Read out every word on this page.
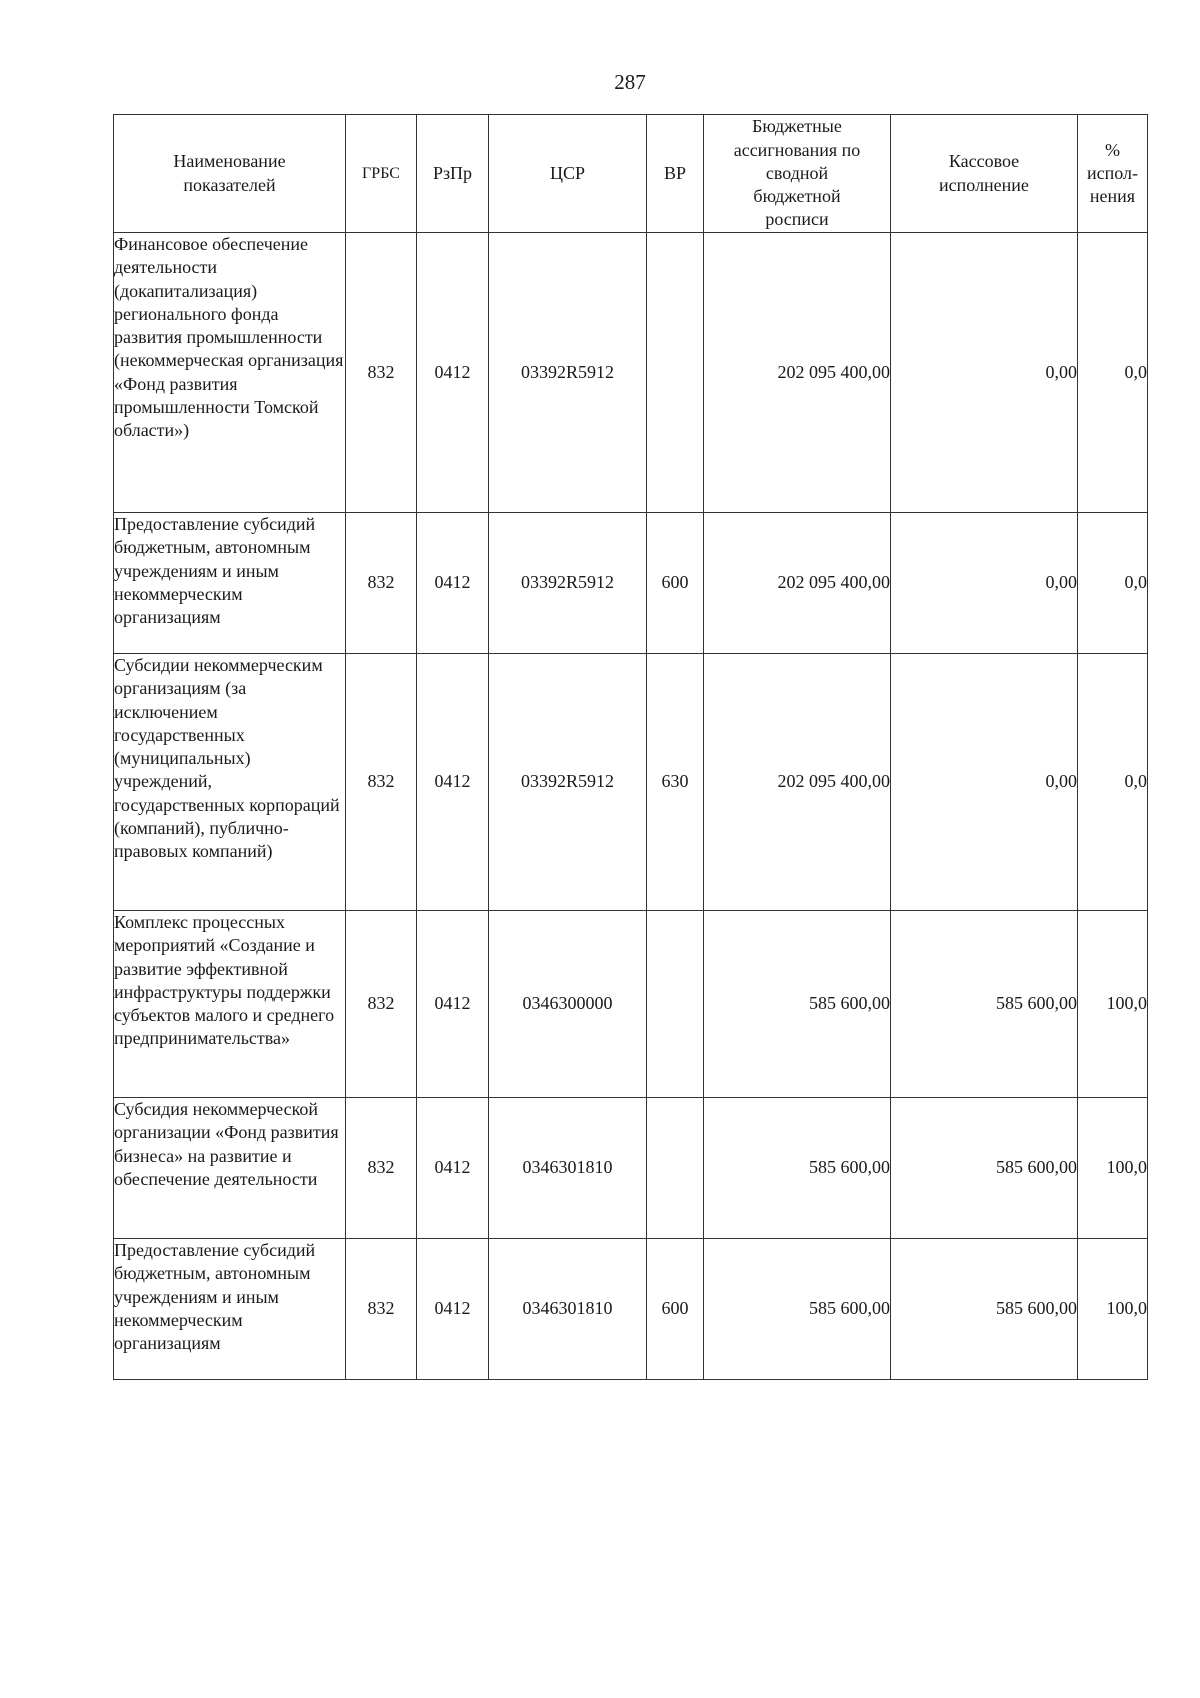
287
Наименование показателей	ГРБС	РзПр	ЦСР	ВР	Бюджетные ассигнования по сводной бюджетной росписи	Кассовое исполнение	% испол-нения
Финансовое обеспечение деятельности (докапитализация) регионального фонда развития промышленности (некоммерческая организация «Фонд развития промышленности Томской области»)	832	0412	03392R5912		202 095 400,00	0,00	0,0
Предоставление субсидий бюджетным, автономным учреждениям и иным некоммерческим организациям	832	0412	03392R5912	600	202 095 400,00	0,00	0,0
Субсидии некоммерческим организациям (за исключением государственных (муниципальных) учреждений, государственных корпораций (компаний), публично-правовых компаний)	832	0412	03392R5912	630	202 095 400,00	0,00	0,0
Комплекс процессных мероприятий «Создание и развитие эффективной инфраструктуры поддержки субъектов малого и среднего предпринимательства»	832	0412	0346300000		585 600,00	585 600,00	100,0
Субсидия некоммерческой организации «Фонд развития бизнеса» на развитие и обеспечение деятельности	832	0412	0346301810		585 600,00	585 600,00	100,0
Предоставление субсидий бюджетным, автономным учреждениям и иным некоммерческим организациям	832	0412	0346301810	600	585 600,00	585 600,00	100,0
